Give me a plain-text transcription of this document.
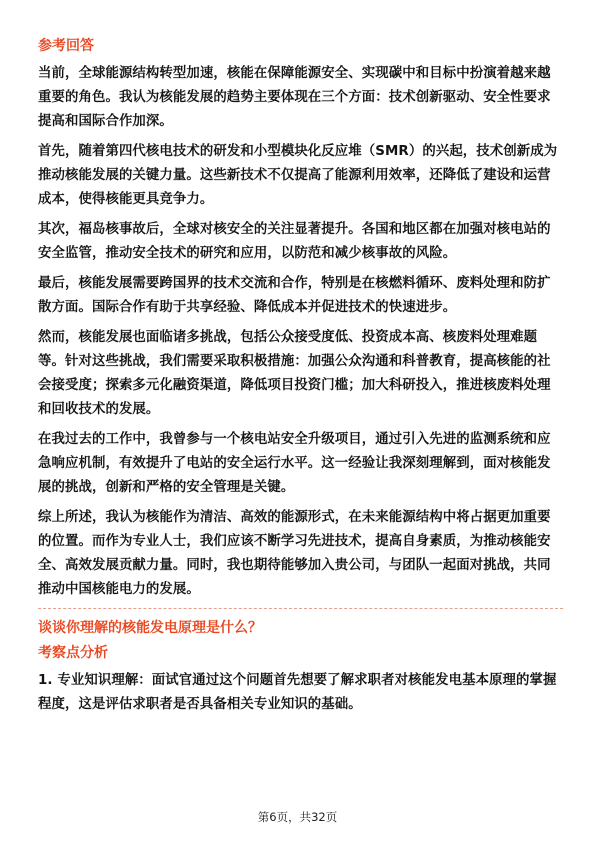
参考回答
当前，全球能源结构转型加速，核能在保障能源安全、实现碳中和目标中扮演着越来越重要的角色。我认为核能发展的趋势主要体现在三个方面：技术创新驱动、安全性要求提高和国际合作加深。
首先，随着第四代核电技术的研发和小型模块化反应堆（SMR）的兴起，技术创新成为推动核能发展的关键力量。这些新技术不仅提高了能源利用效率，还降低了建设和运营成本，使得核能更具竞争力。
其次，福岛核事故后，全球对核安全的关注显著提升。各国和地区都在加强对核电站的安全监管，推动安全技术的研究和应用，以防范和减少核事故的风险。
最后，核能发展需要跨国界的技术交流和合作，特别是在核燃料循环、废料处理和防扩散方面。国际合作有助于共享经验、降低成本并促进技术的快速进步。
然而，核能发展也面临诸多挑战，包括公众接受度低、投资成本高、核废料处理难题等。针对这些挑战，我们需要采取积极措施：加强公众沟通和科普教育，提高核能的社会接受度；探索多元化融资渠道，降低项目投资门槛；加大科研投入，推进核废料处理和回收技术的发展。
在我过去的工作中，我曾参与一个核电站安全升级项目，通过引入先进的监测系统和应急响应机制，有效提升了电站的安全运行水平。这一经验让我深刻理解到，面对核能发展的挑战，创新和严格的安全管理是关键。
综上所述，我认为核能作为清洁、高效的能源形式，在未来能源结构中将占据更加重要的位置。而作为专业人士，我们应该不断学习先进技术，提高自身素质，为推动核能安全、高效发展贡献力量。同时，我也期待能够加入贵公司，与团队一起面对挑战，共同推动中国核能电力的发展。
谈谈你理解的核能发电原理是什么？
考察点分析
1. 专业知识理解：面试官通过这个问题首先想要了解求职者对核能发电基本原理的掌握程度，这是评估求职者是否具备相关专业知识的基础。
第6页，共32页
